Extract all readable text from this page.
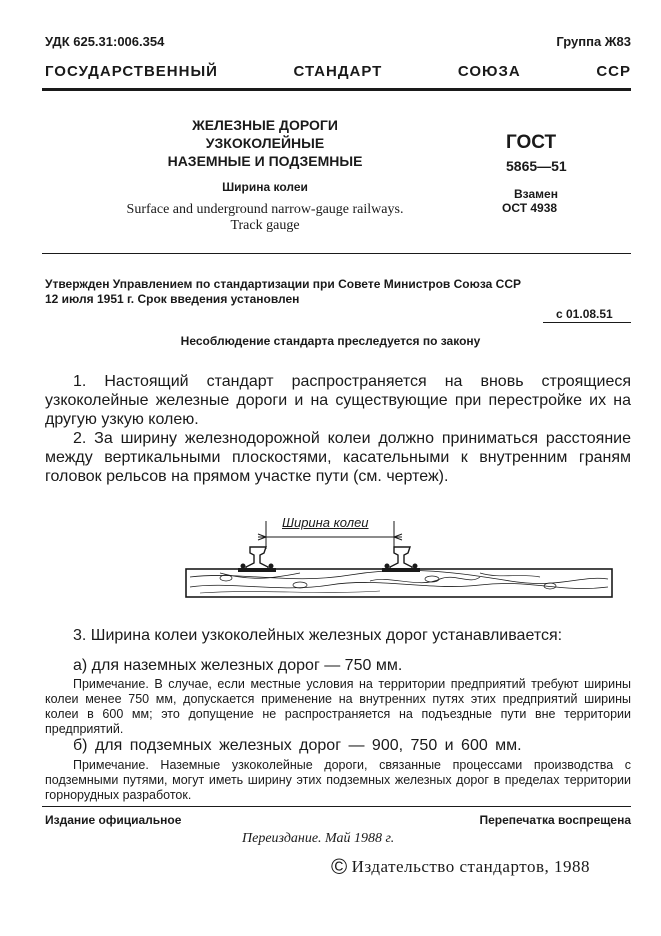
УДК 625.31:006.354	Группа Ж83
ГОСУДАРСТВЕННЫЙ СТАНДАРТ СОЮЗА ССР
ЖЕЛЕЗНЫЕ ДОРОГИ
УЗКОКОЛЕЙНЫЕ
НАЗЕМНЫЕ И ПОДЗЕМНЫЕ
Ширина колеи
Surface and underground narrow-gauge railways.
Track gauge
ГОСТ
5865—51
Взамен
ОСТ 4938
Утвержден Управлением по стандартизации при Совете Министров Союза ССР
12 июля 1951 г. Срок введения установлен
с 01.08.51
Несоблюдение стандарта преследуется по закону
1. Настоящий стандарт распространяется на вновь строящиеся узкоколейные железные дороги и на существующие при перестройке их на другую узкую колею.
2. За ширину железнодорожной колеи должно приниматься расстояние между вертикальными плоскостями, касательными к внутренним граням головок рельсов на прямом участке пути (см. чертеж).
Ширина колеи
3. Ширина колеи узкоколейных железных дорог устанавливается:
а) для наземных железных дорог — 750 мм.
Примечание. В случае, если местные условия на территории предприятий требуют ширины колеи менее 750 мм, допускается применение на внутренних путях этих предприятий ширины колеи в 600 мм; это допущение не распространяется на подъездные пути вне территории предприятий.
б) для подземных железных дорог — 900, 750 и 600 мм.
Примечание. Наземные узкоколейные дороги, связанные процессами производства с подземными путями, могут иметь ширину этих подземных железных дорог в пределах территории горнорудных разработок.
Издание официальное	Перепечатка воспрещена
Переиздание. Май 1988 г.
© Издательство стандартов, 1988
